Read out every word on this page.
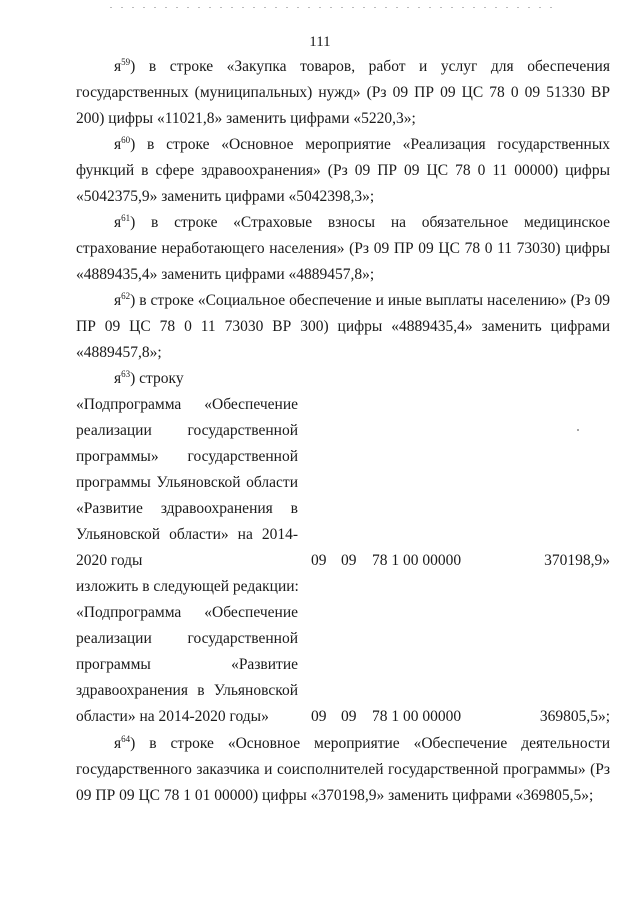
111

$я^{59}$) в строке «Закупка товаров, работ и услуг для обеспечения государственных (муниципальных) нужд» (Рз 09 ПР 09 ЦС 78 0 09 51330 ВР 200) цифры «11021,8» заменить цифрами «5220,3»;

$я^{60}$) в строке «Основное мероприятие «Реализация государственных функций в сфере здравоохранения» (Рз 09 ПР 09 ЦС 78 0 11 00000) цифры «5042375,9» заменить цифрами «5042398,3»;

$я^{61}$) в строке «Страховые взносы на обязательное медицинское страхование неработающего населения» (Рз 09 ПР 09 ЦС 78 0 11 73030) цифры «4889435,4» заменить цифрами «4889457,8»;

$я^{62}$) в строке «Социальное обеспечение и иные выплаты населению» (Рз 09 ПР 09 ЦС 78 0 11 73030 ВР 300) цифры «4889435,4» заменить цифрами «4889457,8»;

$я^{63}$) строку

«Подпрограмма «Обеспечение реализации государственной программы» государственной программы Ульяновской области «Развитие здравоохранения в Ульяновской области» на 2014-2020 годы	09 09 78 1 00 00000	370198,9»
изложить в следующей редакции:
«Подпрограмма «Обеспечение реализации государственной программы «Развитие здравоохранения в Ульяновской области» на 2014-2020 годы»	09 09 78 1 00 00000	369805,5»;

$я^{64}$) в строке «Основное мероприятие «Обеспечение деятельности государственного заказчика и соисполнителей государственной программы» (Рз 09 ПР 09 ЦС 78 1 01 00000) цифры «370198,9» заменить цифрами «369805,5»;
